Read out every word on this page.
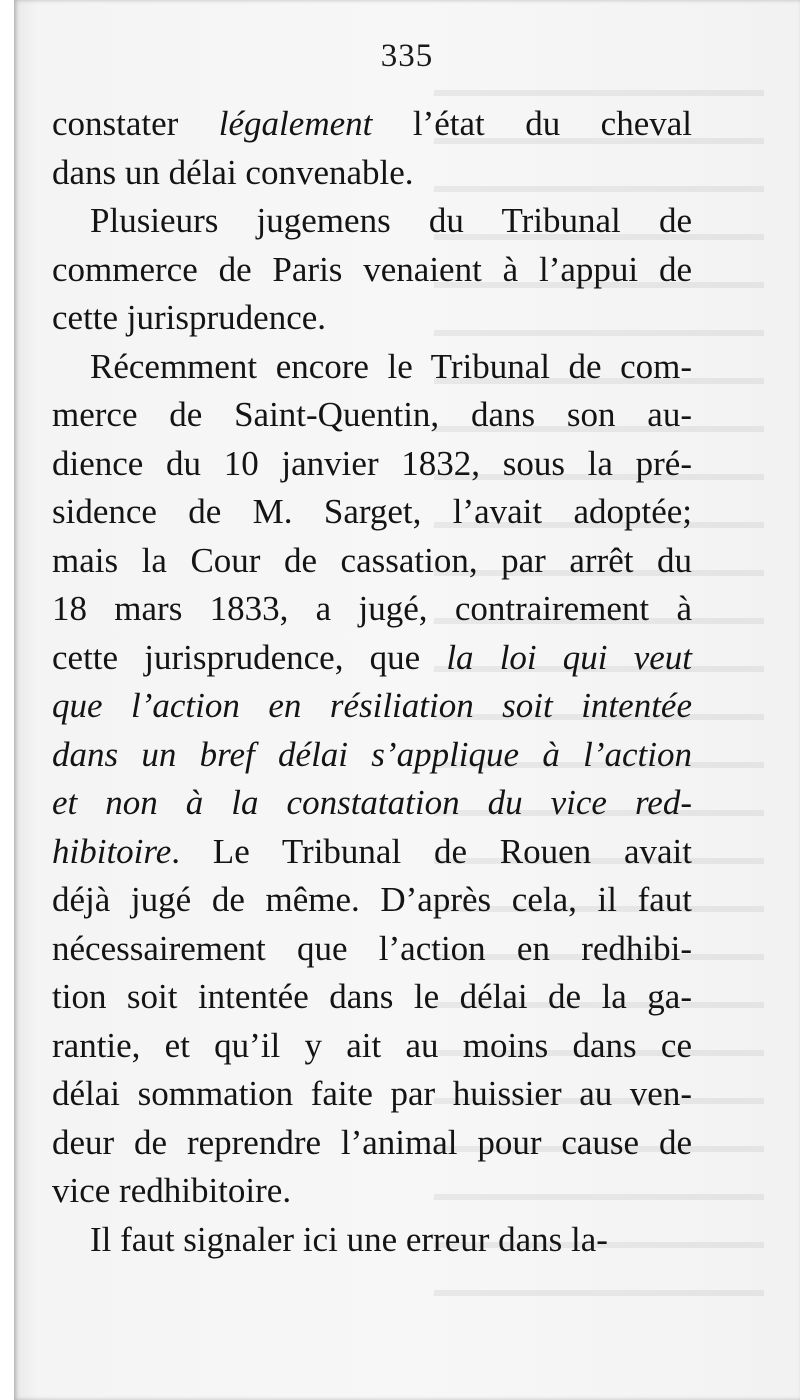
335
constater légalement l’état du cheval
dans un délai convenable.
Plusieurs jugemens du Tribunal de
commerce de Paris venaient à l’appui de
cette jurisprudence.
Récemment encore le Tribunal de com-
merce de Saint-Quentin, dans son au-
dience du 10 janvier 1832, sous la pré-
sidence de M. Sarget, l’avait adoptée;
mais la Cour de cassation, par arrêt du
18 mars 1833, a jugé, contrairement à
cette jurisprudence, que la loi qui veut
que l’action en résiliation soit intentée
dans un bref délai s’applique à l’action
et non à la constatation du vice red-
hibitoire. Le Tribunal de Rouen avait
déjà jugé de même. D’après cela, il faut
nécessairement que l’action en redhibi-
tion soit intentée dans le délai de la ga-
rantie, et qu’il y ait au moins dans ce
délai sommation faite par huissier au ven-
deur de reprendre l’animal pour cause de
vice redhibitoire.
Il faut signaler ici une erreur dans la-
